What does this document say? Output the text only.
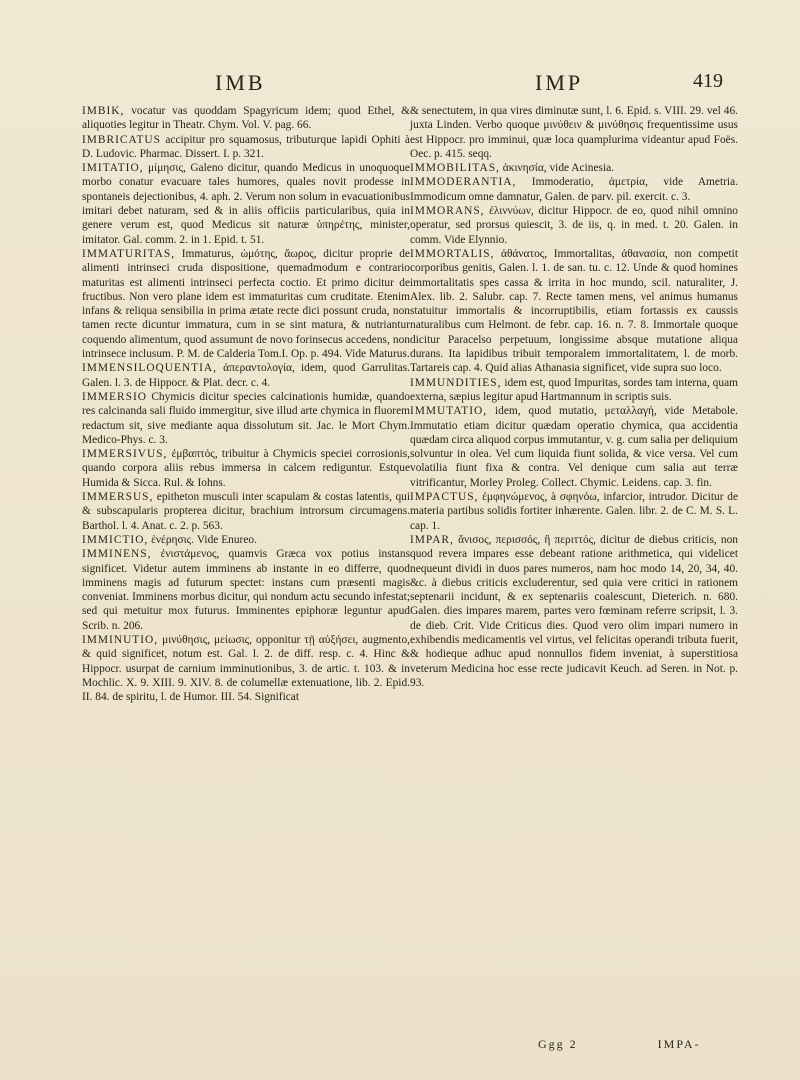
IMB	IMP	419

IMBIK, vocatur vas quoddam Spagyricum idem; quod Ethel, & aliquoties legitur in Theatr. Chym. Vol. V. pag. 66.

IMBRICATUS accipitur pro squamosus, tributurque lapidi Ophiti à D. Ludovic. Pharmac. Dissert. I. p. 321.

IMITATIO, μίμησις, Galeno dicitur, quando Medicus in unoquoque morbo conatur evacuare tales humores, quales novit prodesse in spontaneis dejectionibus, 4. aph. 2. Verum non solum in evacuationibus imitari debet naturam, sed & in aliis officiis particularibus, quia in genere verum est, quod Medicus sit naturæ ὑπηρέτης, minister, imitator. Gal. comm. 2. in 1. Epid. t. 51.

IMMATURITAS, Immaturus, ὠμότης, ἄωρος, dicitur proprie de alimenti intrinseci cruda dispositione, quemadmodum e contrario maturitas est alimenti intrinseci perfecta coctio. Et primo dicitur de fructibus. Non vero plane idem est immaturitas cum cruditate. Etenim infans & reliqua sensibilia in prima ætate recte dici possunt cruda, non tamen recte dicuntur immatura, cum in se sint matura, & nutriantur coquendo alimentum, quod assumunt de novo forinsecus accedens, non intrinsece inclusum. P. M. de Calderia Tom.I. Op. p. 494. Vide Maturus.

IMMENSILOQUENTIA, ἀπεραντολογία, idem, quod Garrulitas. Galen. l. 3. de Hippocr. & Plat. decr. c. 4.

IMMERSIO Chymicis dicitur species calcinationis humidæ, quando res calcinanda sali fluido immergitur, sive illud arte chymica in fluorem redactum sit, sive mediante aqua dissolutum sit. Jac. le Mort Chym. Medico-Phys. c. 3.

IMMERSIVUS, ἐμβαπτός, tribuitur à Chymicis speciei corrosionis, quando corpora aliis rebus immersa in calcem rediguntur. Estque Humida & Sicca. Rul. & Iohns.

IMMERSUS, epitheton musculi inter scapulam & costas latentis, qui & subscapularis propterea dicitur, brachium introrsum circumagens. Barthol. l. 4. Anat. c. 2. p. 563.

IMMICTIO, ἐνέρησις. Vide Enureo.

IMMINENS, ἐνιστάμενος, quamvis Græca vox potius instans significet. Videtur autem imminens ab instante in eo differre, quod imminens magis ad futurum spectet: instans cum præsenti magis conveniat. Imminens morbus dicitur, qui nondum actu secundo infestat; sed qui metuitur mox futurus. Imminentes epiphoræ leguntur apud Scrib. n. 206.

IMMINUTIO, μινύθησις, μείωσις, opponitur τῇ αὐξήσει, augmento, & quid significet, notum est. Gal. l. 2. de diff. resp. c. 4. Hinc & Hippocr. usurpat de carnium imminutionibus, 3. de artic. t. 103. & in Mochlic. X. 9. XIII. 9. XIV. 8. de columellæ extenuatione, lib. 2. Epid. II. 84. de spiritu, l. de Humor. III. 54. Significat

& senectutem, in qua vires diminutæ sunt, l. 6. Epid. s. VIII. 29. vel 46. juxta Linden. Verbo quoque μινύθειν & μινύθησις frequentissime usus est Hippocr. pro imminui, quæ loca quamplurima videantur apud Foës. Oec. p. 415. seqq.

IMMOBILITAS, ἀκινησία, vide Acinesia.

IMMODERANTIA, Immoderatio, ἀμετρία, vide Ametria. Immodicum omne damnatur, Galen. de parv. pil. exercit. c. 3.

IMMORANS, ἐλιννύων, dicitur Hippocr. de eo, quod nihil omnino operatur, sed prorsus quiescit, 3. de iis, q. in med. t. 20. Galen. in comm. Vide Elynnio.

IMMORTALIS, ἀθάνατος, Immortalitas, ἀθανασία, non competit corporibus genitis, Galen. l. 1. de san. tu. c. 12. Unde & quod homines immortalitatis spes cassa & irrita in hoc mundo, scil. naturaliter, J. Alex. lib. 2. Salubr. cap. 7. Recte tamen mens, vel animus humanus statuitur immortalis & incorruptibilis, etiam fortassis ex caussis naturalibus cum Helmont. de febr. cap. 16. n. 7. 8. Immortale quoque dicitur Paracelso perpetuum, longissime absque mutatione aliqua durans. Ita lapidibus tribuit temporalem immortalitatem, l. de morb. Tartareis cap. 4. Quid alias Athanasia significet, vide supra suo loco.

IMMUNDITIES, idem est, quod Impuritas, sordes tam interna, quam externa, sæpius legitur apud Hartmannum in scriptis suis.

IMMUTATIO, idem, quod mutatio, μεταλλαγή, vide Metabole. Immutatio etiam dicitur quædam operatio chymica, qua accidentia quædam circa aliquod corpus immutantur, v. g. cum salia per deliquium solvuntur in olea. Vel cum liquida fiunt solida, & vice versa. Vel cum volatilia fiunt fixa & contra. Vel denique cum salia aut terræ vitrificantur, Morley Proleg. Collect. Chymic. Leidens. cap. 3. fin.

IMPACTUS, ἐμφηνώμενος, à σφηνόω, infarcior, intrudor. Dicitur de materia partibus solidis fortiter inhærente. Galen. libr. 2. de C. M. S. L. cap. 1.

IMPAR, ἄνισος, περισσός, ἢ περιττός, dicitur de diebus criticis, non quod revera impares esse debeant ratione arithmetica, qui videlicet nequeunt dividi in duos pares numeros, nam hoc modo 14, 20, 34, 40. &c. à diebus criticis excluderentur, sed quia vere critici in rationem septenarii incidunt, & ex septenariis coalescunt, Dieterich. n. 680. Galen. dies impares marem, partes vero fœminam referre scripsit, l. 3. de dieb. Crit. Vide Criticus dies. Quod vero olim impari numero in exhibendis medicamentis vel virtus, vel felicitas operandi tributa fuerit, & hodieque adhuc apud nonnullos fidem inveniat, à superstitiosa veterum Medicina hoc esse recte judicavit Keuch. ad Seren. in Not. p. 93.

Ggg 2	IMPA-
